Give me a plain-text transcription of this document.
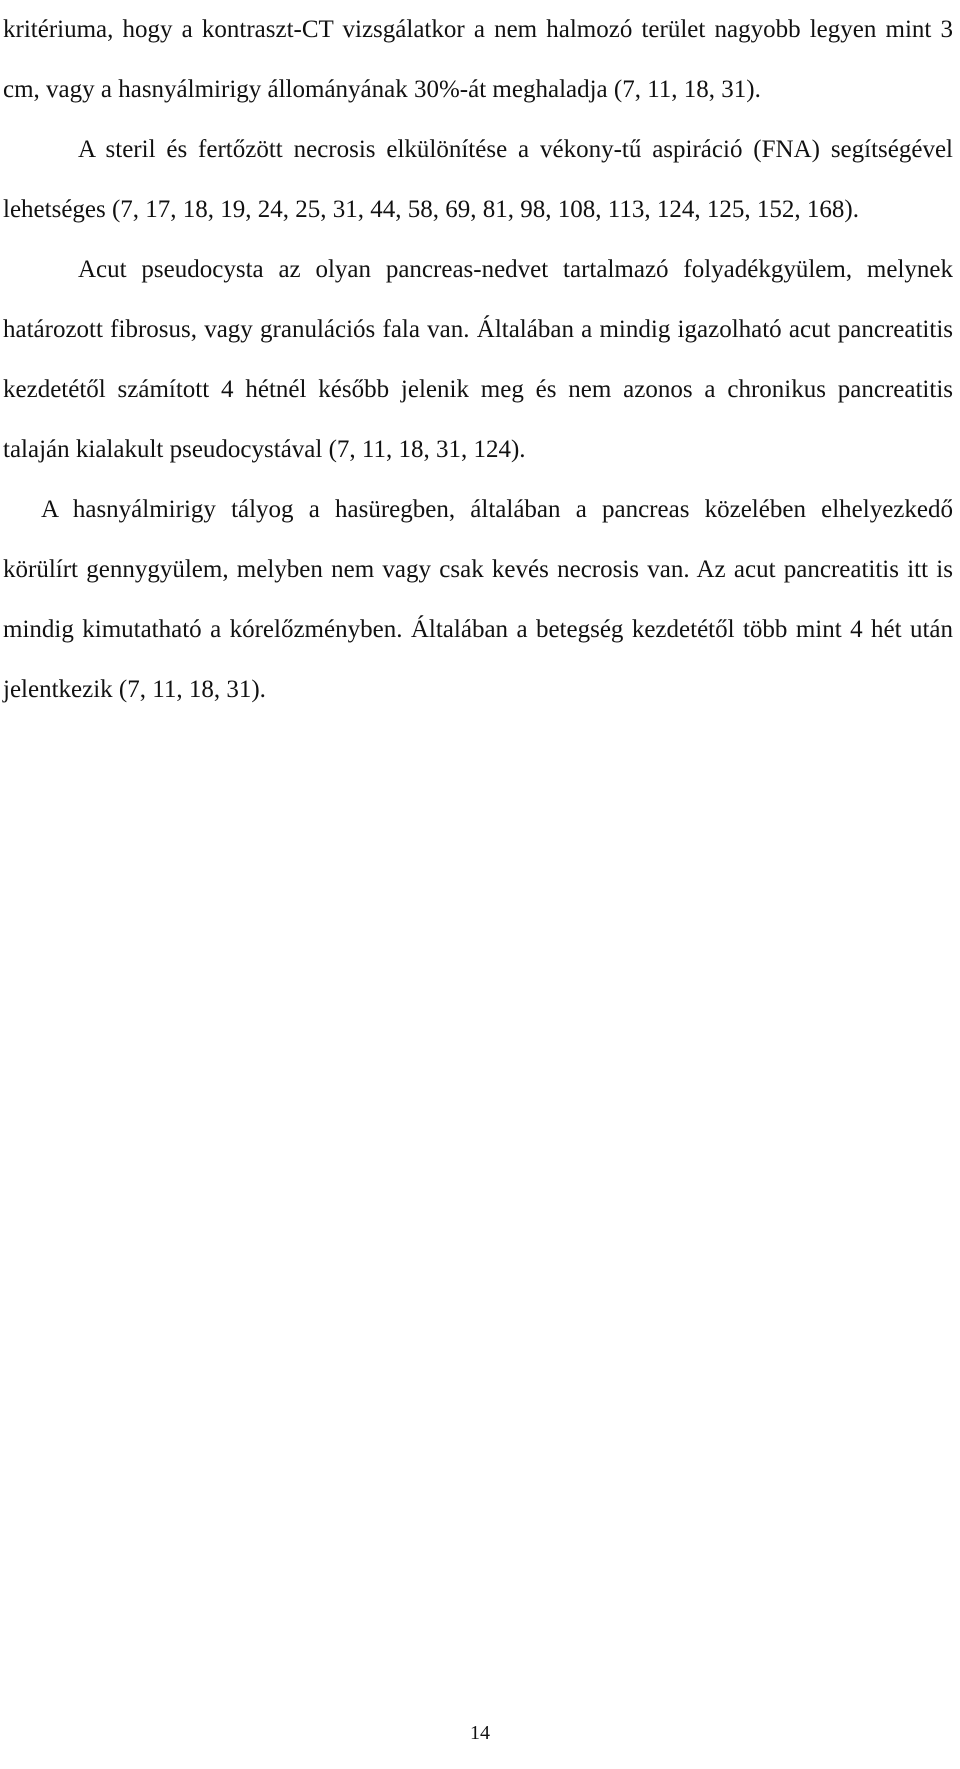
kritériuma, hogy a kontraszt-CT vizsgálatkor a nem halmozó terület nagyobb legyen mint 3 cm, vagy a hasnyálmirigy állományának 30%-át meghaladja (7, 11, 18, 31).

A steril és fertőzött necrosis elkülönítése a vékony-tű aspiráció (FNA) segítségével lehetséges (7, 17, 18, 19, 24, 25, 31, 44, 58, 69, 81, 98, 108, 113, 124, 125, 152, 168).

Acut pseudocysta az olyan pancreas-nedvet tartalmazó folyadékgyülem, melynek határozott fibrosus, vagy granulációs fala van. Általában a mindig igazolható acut pancreatitis kezdetétől számított 4 hétnél később jelenik meg és nem azonos a chronikus pancreatitis talaján kialakult pseudocystával (7, 11, 18, 31, 124).

A hasnyálmirigy tályog a hasüregben, általában a pancreas közelében elhelyezkedő körülírt gennygyülem, melyben nem vagy csak kevés necrosis van. Az acut pancreatitis itt is mindig kimutatható a kórelőzményben. Általában a betegség kezdetétől több mint 4 hét után jelentkezik (7, 11, 18, 31).

14
